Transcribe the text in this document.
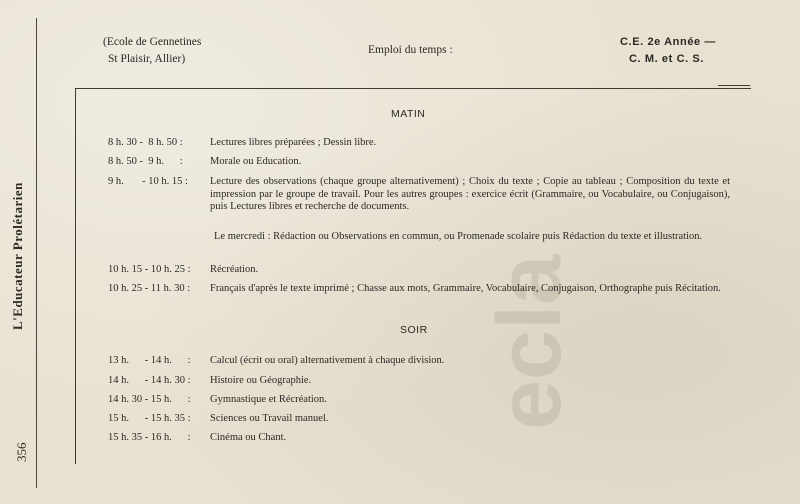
ecla
L'Educateur Prolétarien
356
(Ecole de Gennetines
St Plaisir, Allier)
Emploi du temps :
C.E. 2e Année —
C. M. et C. S.
MATIN
8 h. 30 -  8 h. 50 :	Lectures libres préparées ; Dessin libre.
8 h. 50 -  9 h.      :	Morale ou Education.
9 h.       - 10 h. 15 : Lecture des observations (chaque groupe alternativement) ; Choix du texte ; Copie au tableau ; Composition du texte et impression par le groupe de travail. Pour les autres groupes : exercice écrit (Grammaire, ou Vocabulaire, ou Conjugaison), puis Lectures libres et recherche de documents.
Le mercredi : Rédaction ou Observations en commun, ou Promenade scolaire puis Rédaction du texte et illustration.
10 h. 15 - 10 h. 25 : Récréation.
10 h. 25 - 11 h. 30 : Français d'après le texte imprimé ; Chasse aux mots, Grammaire, Vocabulaire, Conjugaison, Orthographe puis Récitation.
SOIR
13 h.      - 14 h.      : Calcul (écrit ou oral) alternativement à chaque division.
14 h.      - 14 h. 30 : Histoire ou Géographie.
14 h. 30 - 15 h.      : Gymnastique et Récréation.
15 h.      - 15 h. 35 : Sciences ou Travail manuel.
15 h. 35 - 16 h.      : Cinéma ou Chant.
